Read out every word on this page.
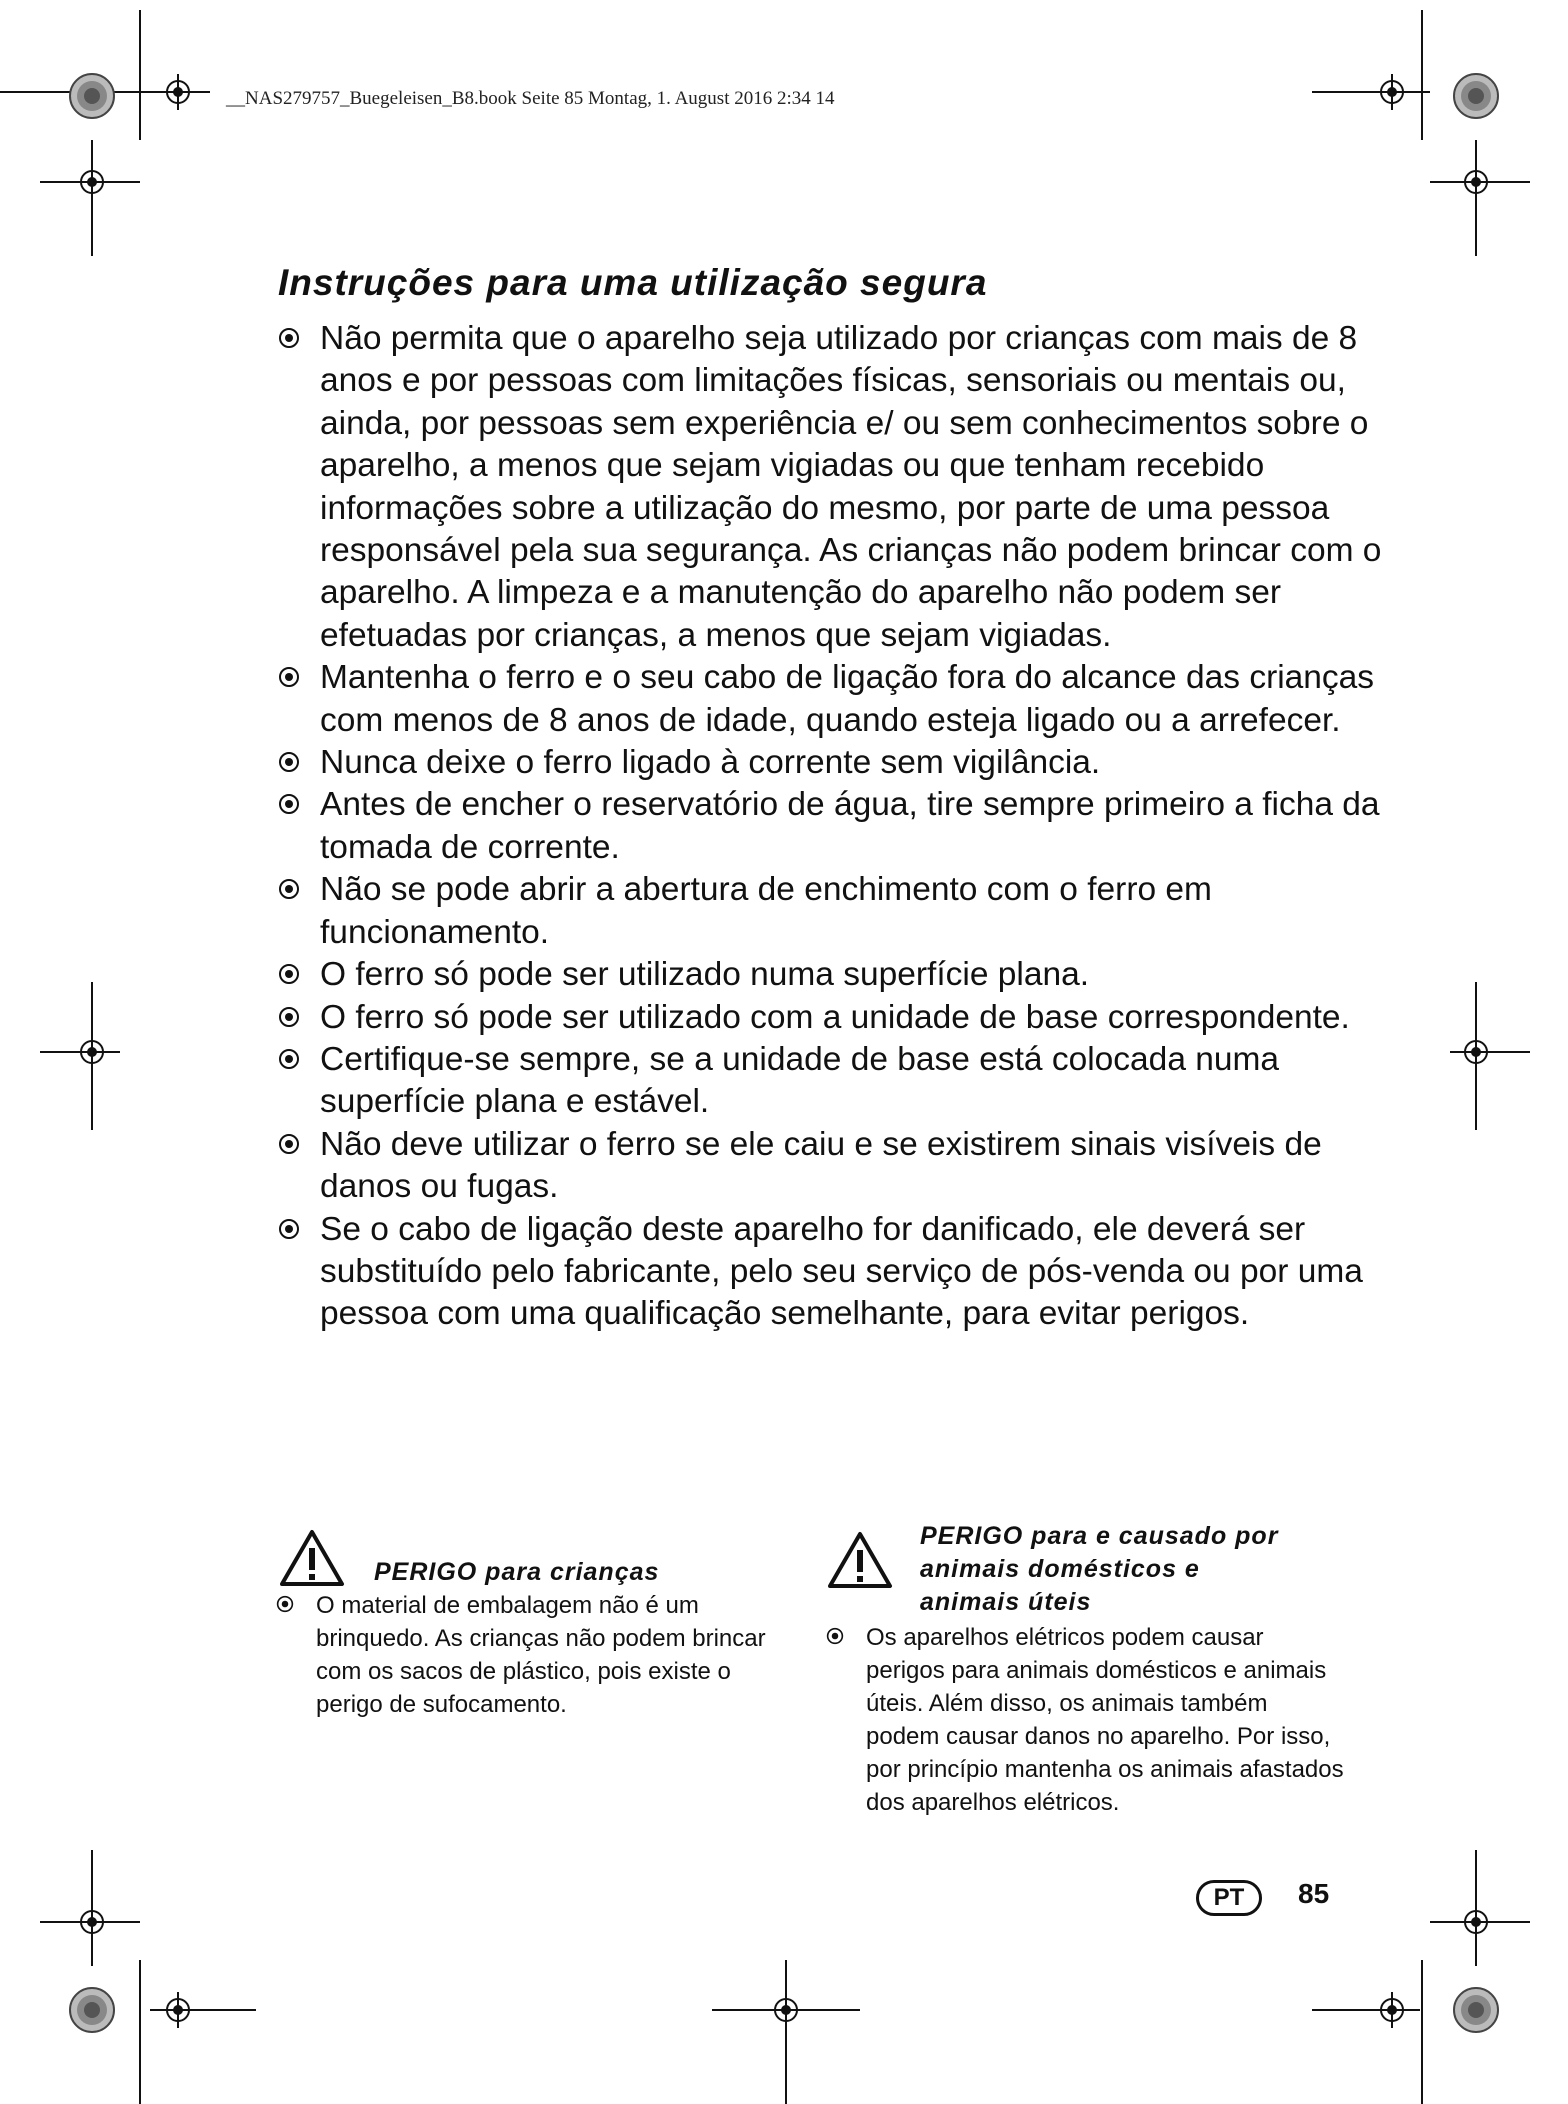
__NAS279757_Buegeleisen_B8.book Seite 85 Montag, 1. August 2016 2:34 14
Instruções para uma utilização segura
Não permita que o aparelho seja utilizado por crianças com mais de 8 anos e por pessoas com limitações físicas, sensoriais ou mentais ou, ainda, por pessoas sem experiência e/ ou sem conhecimentos sobre o aparelho, a menos que sejam vigiadas ou que tenham recebido informações sobre a utilização do mesmo, por parte de uma pessoa responsável pela sua segurança. As crianças não podem brincar com o aparelho. A limpeza e a manutenção do aparelho não podem ser efetuadas por crianças, a menos que sejam vigiadas.
Mantenha o ferro e o seu cabo de ligação fora do alcance das crianças com menos de 8 anos de idade, quando esteja ligado ou a arrefecer.
Nunca deixe o ferro ligado à corrente sem vigilância.
Antes de encher o reservatório de água, tire sempre primeiro a ficha da tomada de corrente.
Não se pode abrir a abertura de enchimento com o ferro em funcionamento.
O ferro só pode ser utilizado numa superfície plana.
O ferro só pode ser utilizado com a unidade de base correspondente.
Certifique-se sempre, se a unidade de base está colocada numa superfície plana e estável.
Não deve utilizar o ferro se ele caiu e se existirem sinais visíveis de danos ou fugas.
Se o cabo de ligação deste aparelho for danificado, ele deverá ser substituído pelo fabricante, pelo seu serviço de pós-venda ou por uma pessoa com uma qualificação semelhante, para evitar perigos.
PERIGO para crianças
O material de embalagem não é um brinquedo. As crianças não podem brincar com os sacos de plástico, pois existe o perigo de sufocamento.
PERIGO para e causado por
animais domésticos e
animais úteis
Os aparelhos elétricos podem causar perigos para animais domésticos e animais úteis. Além disso, os animais também podem causar danos no aparelho. Por isso, por princípio mantenha os animais afastados dos aparelhos elétricos.
PT	85
